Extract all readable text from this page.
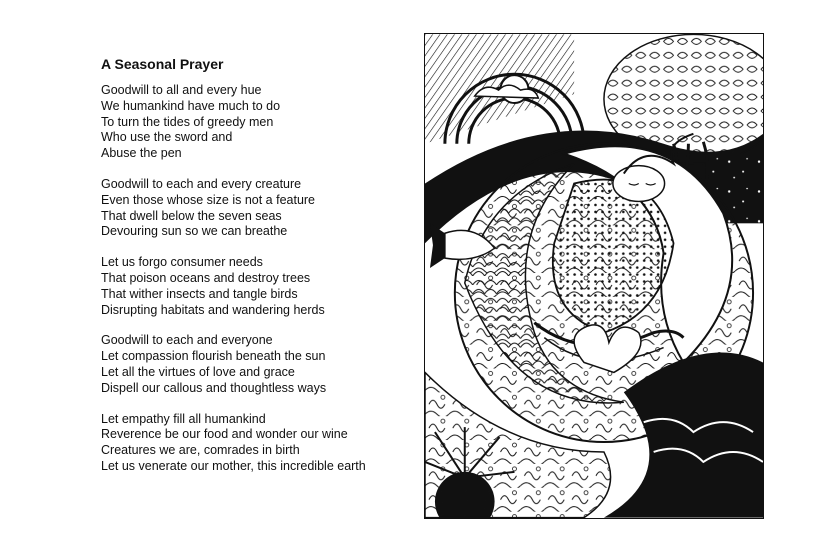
A Seasonal Prayer
Goodwill to all and every hue
We humankind have much to do
To turn the tides of greedy men
Who use the sword and
Abuse the pen
Goodwill to each and every creature
Even those whose size is not a feature
That dwell below the seven seas
Devouring sun so we can breathe
Let us forgo consumer needs
That poison oceans and destroy trees
That wither insects and tangle birds
Disrupting habitats and wandering herds
Goodwill to each and everyone
Let compassion flourish beneath the sun
Let all the virtues of love and grace
Dispell our callous and thoughtless ways
Let empathy fill all humankind
Reverence be our food and wonder our wine
Creatures we are, comrades in birth
Let us venerate our mother, this incredible earth
